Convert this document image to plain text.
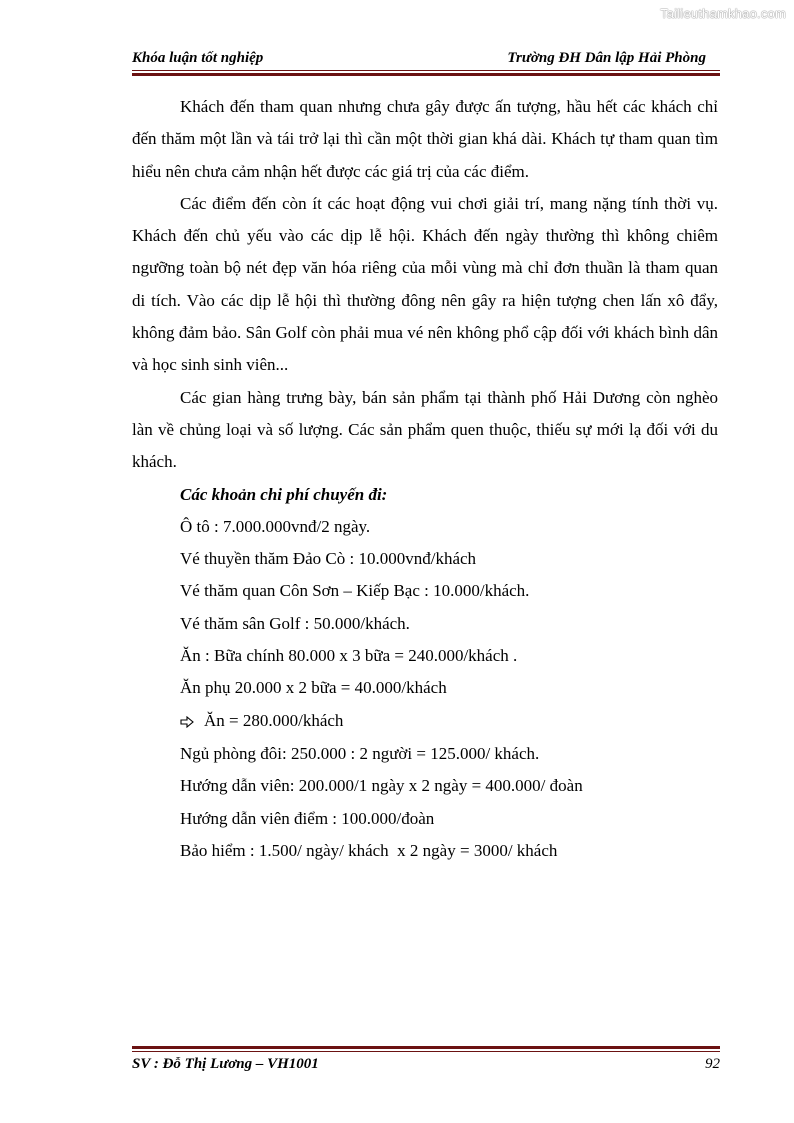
Tailieuthamkhao.com
Khóa luận tốt nghiệp	Trường ĐH Dân lập Hải Phòng

Khách đến tham quan nhưng chưa gây được ấn tượng, hầu hết các khách chỉ đến thăm một lần và tái trở lại thì cần một thời gian khá dài. Khách tự tham quan tìm hiểu nên chưa cảm nhận hết được các giá trị của các điểm.

Các điểm đến còn ít các hoạt động vui chơi giải trí, mang nặng tính thời vụ. Khách đến chủ yếu vào các dịp lễ hội. Khách đến ngày thường thì không chiêm ngưỡng toàn bộ nét đẹp văn hóa riêng của mỗi vùng mà chỉ đơn thuần là tham quan di tích. Vào các dịp lễ hội thì thường đông nên gây ra hiện tượng chen lấn xô đẩy, không đảm bảo. Sân Golf còn phải mua vé nên không phổ cập đối với khách bình dân và học sinh sinh viên...

Các gian hàng trưng bày, bán sản phẩm tại thành phố Hải Dương còn nghèo làn về chủng loại và số lượng. Các sản phẩm quen thuộc, thiếu sự mới lạ đối với du khách.

Các khoản chi phí chuyến đi:

Ô tô : 7.000.000vnđ/2 ngày.

Vé thuyền thăm Đảo Cò : 10.000vnđ/khách

Vé thăm quan Côn Sơn – Kiếp Bạc : 10.000/khách.

Vé thăm sân Golf : 50.000/khách.

Ăn : Bữa chính 80.000 x 3 bữa = 240.000/khách .

Ăn phụ 20.000 x 2 bữa = 40.000/khách

Ăn = 280.000/khách

Ngủ phòng đôi: 250.000 : 2 người = 125.000/ khách.

Hướng dẫn viên: 200.000/1 ngày x 2 ngày = 400.000/ đoàn

Hướng dẫn viên điểm : 100.000/đoàn

Bảo hiểm : 1.500/ ngày/ khách  x 2 ngày = 3000/ khách

SV : Đỗ Thị Lương – VH1001	92
